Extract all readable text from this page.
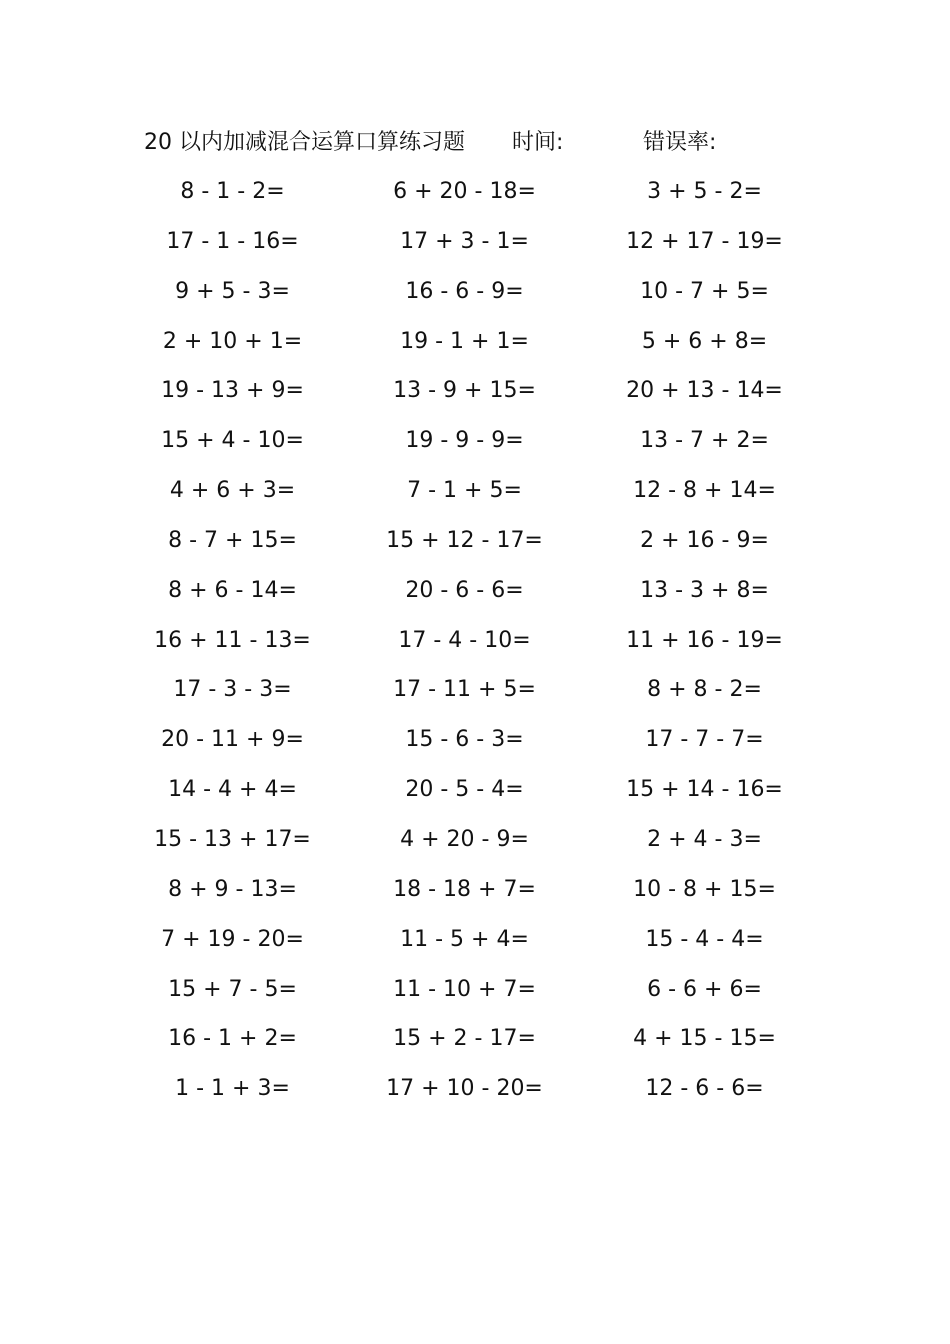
20 以内加减混合运算口算练习题 时间:	错误率:
8 - 1 - 2=	6 + 20 - 18=	3 + 5 - 2=
17 - 1 - 16=	17 + 3 - 1=	12 + 17 - 19=
9 + 5 - 3=	16 - 6 - 9=	10 - 7 + 5=
2 + 10 + 1=	19 - 1 + 1=	5 + 6 + 8=
19 - 13 + 9=	13 - 9 + 15=	20 + 13 - 14=
15 + 4 - 10=	19 - 9 - 9=	13 - 7 + 2=
4 + 6 + 3=	7 - 1 + 5=	12 - 8 + 14=
8 - 7 + 15=	15 + 12 - 17=	2 + 16 - 9=
8 + 6 - 14=	20 - 6 - 6=	13 - 3 + 8=
16 + 11 - 13=	17 - 4 - 10=	11 + 16 - 19=
17 - 3 - 3=	17 - 11 + 5=	8 + 8 - 2=
20 - 11 + 9=	15 - 6 - 3=	17 - 7 - 7=
14 - 4 + 4=	20 - 5 - 4=	15 + 14 - 16=
15 - 13 + 17=	4 + 20 - 9=	2 + 4 - 3=
8 + 9 - 13=	18 - 18 + 7=	10 - 8 + 15=
7 + 19 - 20=	11 - 5 + 4=	15 - 4 - 4=
15 + 7 - 5=	11 - 10 + 7=	6 - 6 + 6=
16 - 1 + 2=	15 + 2 - 17=	4 + 15 - 15=
1 - 1 + 3=	17 + 10 - 20=	12 - 6 - 6=
